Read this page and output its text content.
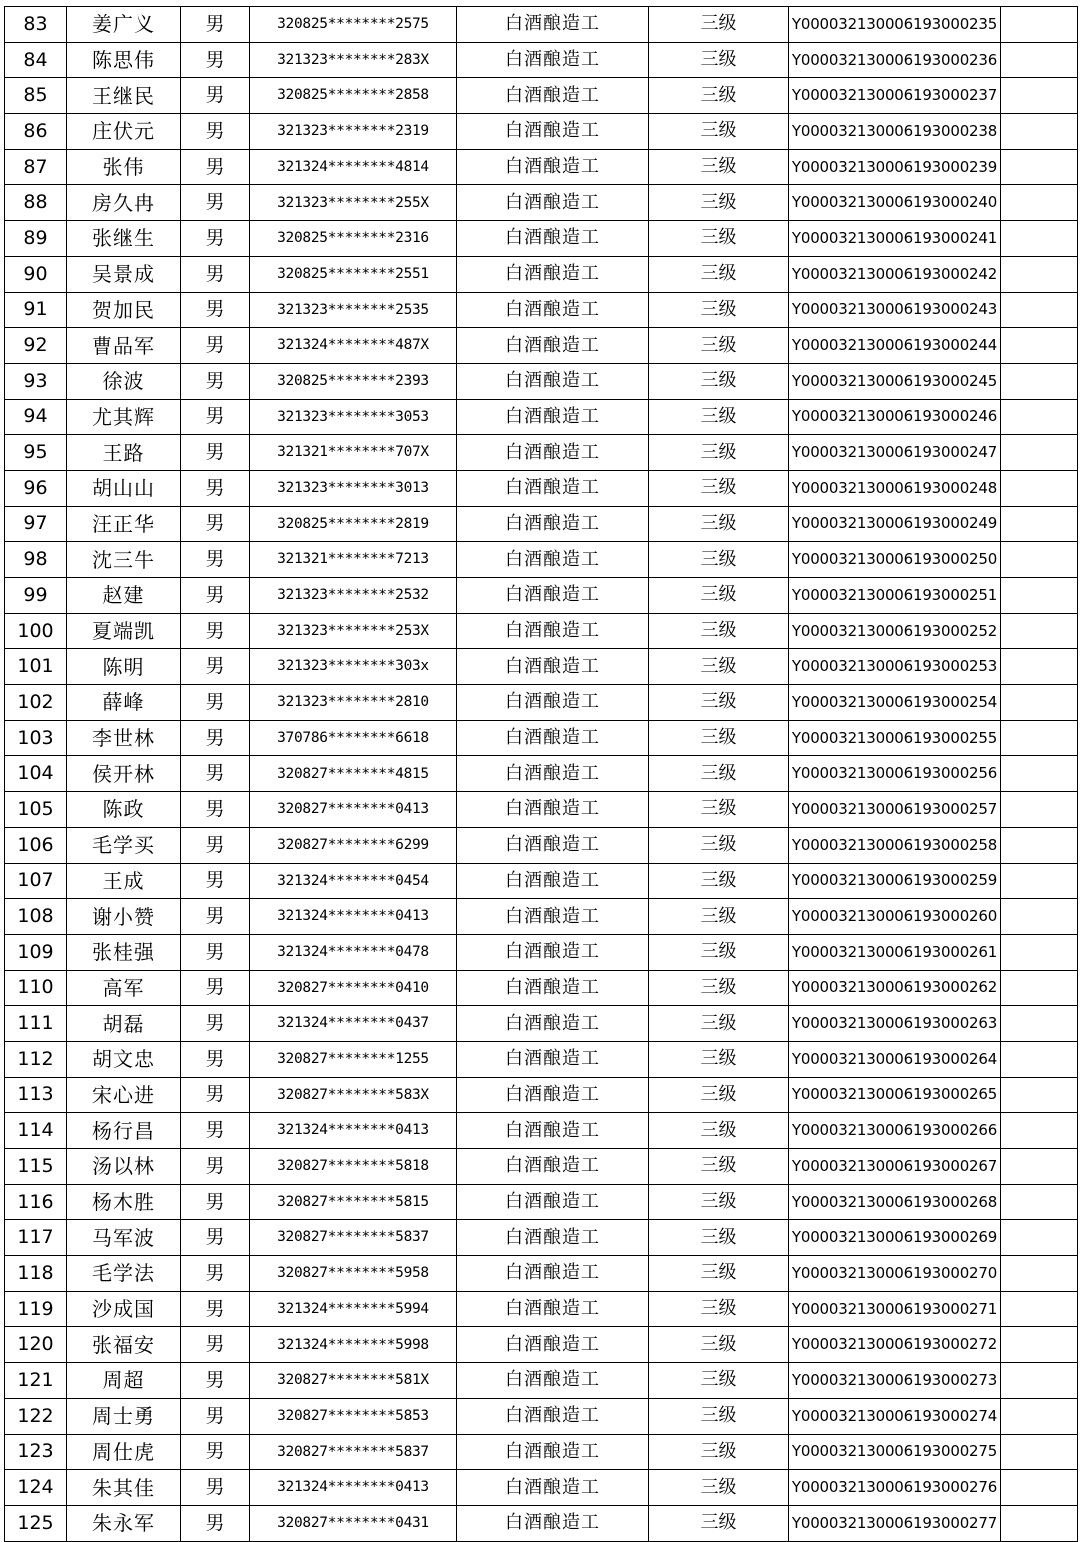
83	姜广义	男	320825********2575	白酒酿造工	三级	Y000032130006193000235	
84	陈思伟	男	321323********283X	白酒酿造工	三级	Y000032130006193000236	
85	王继民	男	320825********2858	白酒酿造工	三级	Y000032130006193000237	
86	庄伏元	男	321323********2319	白酒酿造工	三级	Y000032130006193000238	
87	张伟	男	321324********4814	白酒酿造工	三级	Y000032130006193000239	
88	房久冉	男	321323********255X	白酒酿造工	三级	Y000032130006193000240	
89	张继生	男	320825********2316	白酒酿造工	三级	Y000032130006193000241	
90	吴景成	男	320825********2551	白酒酿造工	三级	Y000032130006193000242	
91	贺加民	男	321323********2535	白酒酿造工	三级	Y000032130006193000243	
92	曹品军	男	321324********487X	白酒酿造工	三级	Y000032130006193000244	
93	徐波	男	320825********2393	白酒酿造工	三级	Y000032130006193000245	
94	尤其辉	男	321323********3053	白酒酿造工	三级	Y000032130006193000246	
95	王路	男	321321********707X	白酒酿造工	三级	Y000032130006193000247	
96	胡山山	男	321323********3013	白酒酿造工	三级	Y000032130006193000248	
97	汪正华	男	320825********2819	白酒酿造工	三级	Y000032130006193000249	
98	沈三牛	男	321321********7213	白酒酿造工	三级	Y000032130006193000250	
99	赵建	男	321323********2532	白酒酿造工	三级	Y000032130006193000251	
100	夏端凯	男	321323********253X	白酒酿造工	三级	Y000032130006193000252	
101	陈明	男	321323********303x	白酒酿造工	三级	Y000032130006193000253	
102	薛峰	男	321323********2810	白酒酿造工	三级	Y000032130006193000254	
103	李世林	男	370786********6618	白酒酿造工	三级	Y000032130006193000255	
104	侯开林	男	320827********4815	白酒酿造工	三级	Y000032130006193000256	
105	陈政	男	320827********0413	白酒酿造工	三级	Y000032130006193000257	
106	毛学买	男	320827********6299	白酒酿造工	三级	Y000032130006193000258	
107	王成	男	321324********0454	白酒酿造工	三级	Y000032130006193000259	
108	谢小赞	男	321324********0413	白酒酿造工	三级	Y000032130006193000260	
109	张桂强	男	321324********0478	白酒酿造工	三级	Y000032130006193000261	
110	高军	男	320827********0410	白酒酿造工	三级	Y000032130006193000262	
111	胡磊	男	321324********0437	白酒酿造工	三级	Y000032130006193000263	
112	胡文忠	男	320827********1255	白酒酿造工	三级	Y000032130006193000264	
113	宋心进	男	320827********583X	白酒酿造工	三级	Y000032130006193000265	
114	杨行昌	男	321324********0413	白酒酿造工	三级	Y000032130006193000266	
115	汤以林	男	320827********5818	白酒酿造工	三级	Y000032130006193000267	
116	杨木胜	男	320827********5815	白酒酿造工	三级	Y000032130006193000268	
117	马军波	男	320827********5837	白酒酿造工	三级	Y000032130006193000269	
118	毛学法	男	320827********5958	白酒酿造工	三级	Y000032130006193000270	
119	沙成国	男	321324********5994	白酒酿造工	三级	Y000032130006193000271	
120	张福安	男	321324********5998	白酒酿造工	三级	Y000032130006193000272	
121	周超	男	320827********581X	白酒酿造工	三级	Y000032130006193000273	
122	周士勇	男	320827********5853	白酒酿造工	三级	Y000032130006193000274	
123	周仕虎	男	320827********5837	白酒酿造工	三级	Y000032130006193000275	
124	朱其佳	男	321324********0413	白酒酿造工	三级	Y000032130006193000276	
125	朱永军	男	320827********0431	白酒酿造工	三级	Y000032130006193000277	
